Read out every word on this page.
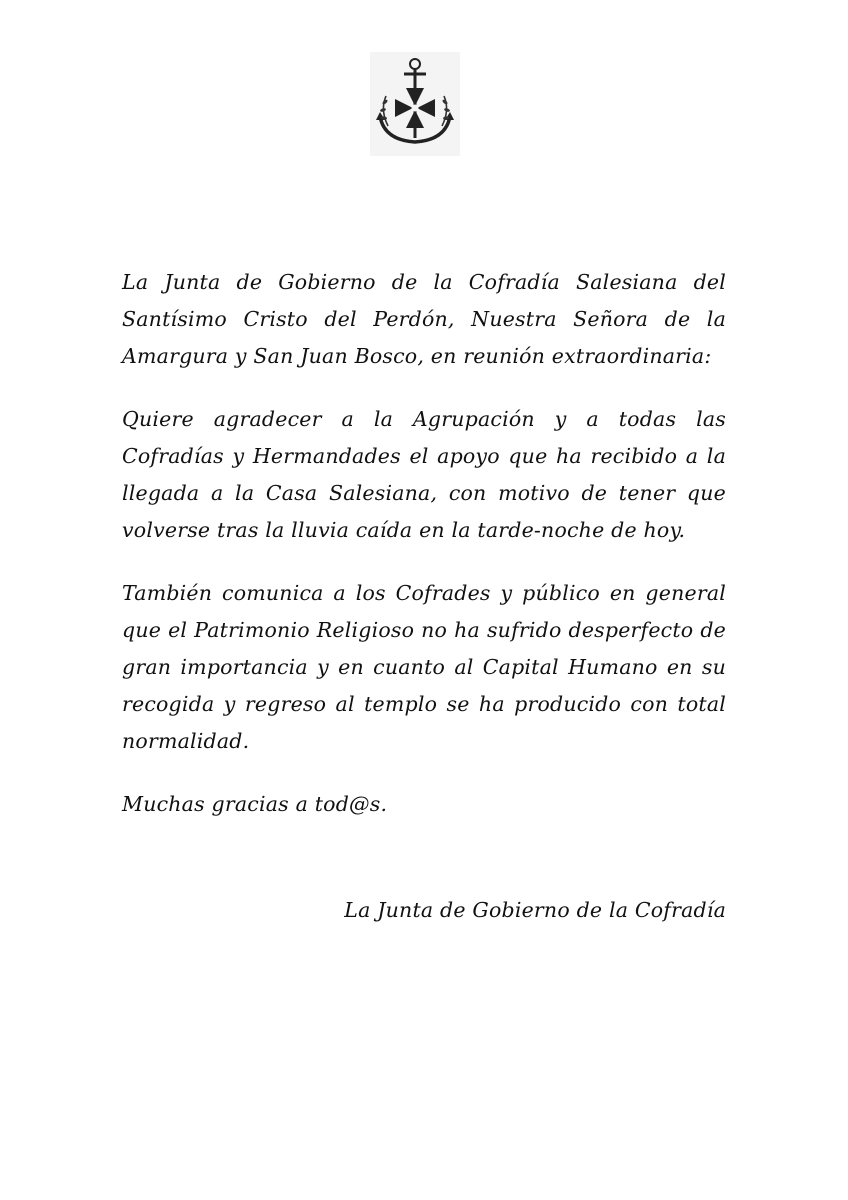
La Junta de Gobierno de la Cofradía Salesiana del Santísimo Cristo del Perdón, Nuestra Señora de la Amargura y San Juan Bosco, en reunión extraordinaria:

Quiere agradecer a la Agrupación y a todas las Cofradías y Hermandades el apoyo que ha recibido a la llegada a la Casa Salesiana, con motivo de tener que volverse tras la lluvia caída en la tarde-noche de hoy.

También comunica a los Cofrades y público en general que el Patrimonio Religioso no ha sufrido desperfecto de gran importancia y en cuanto al Capital Humano en su recogida y regreso al templo se ha producido con total normalidad.

Muchas gracias a tod@s.

La Junta de Gobierno de la Cofradía
